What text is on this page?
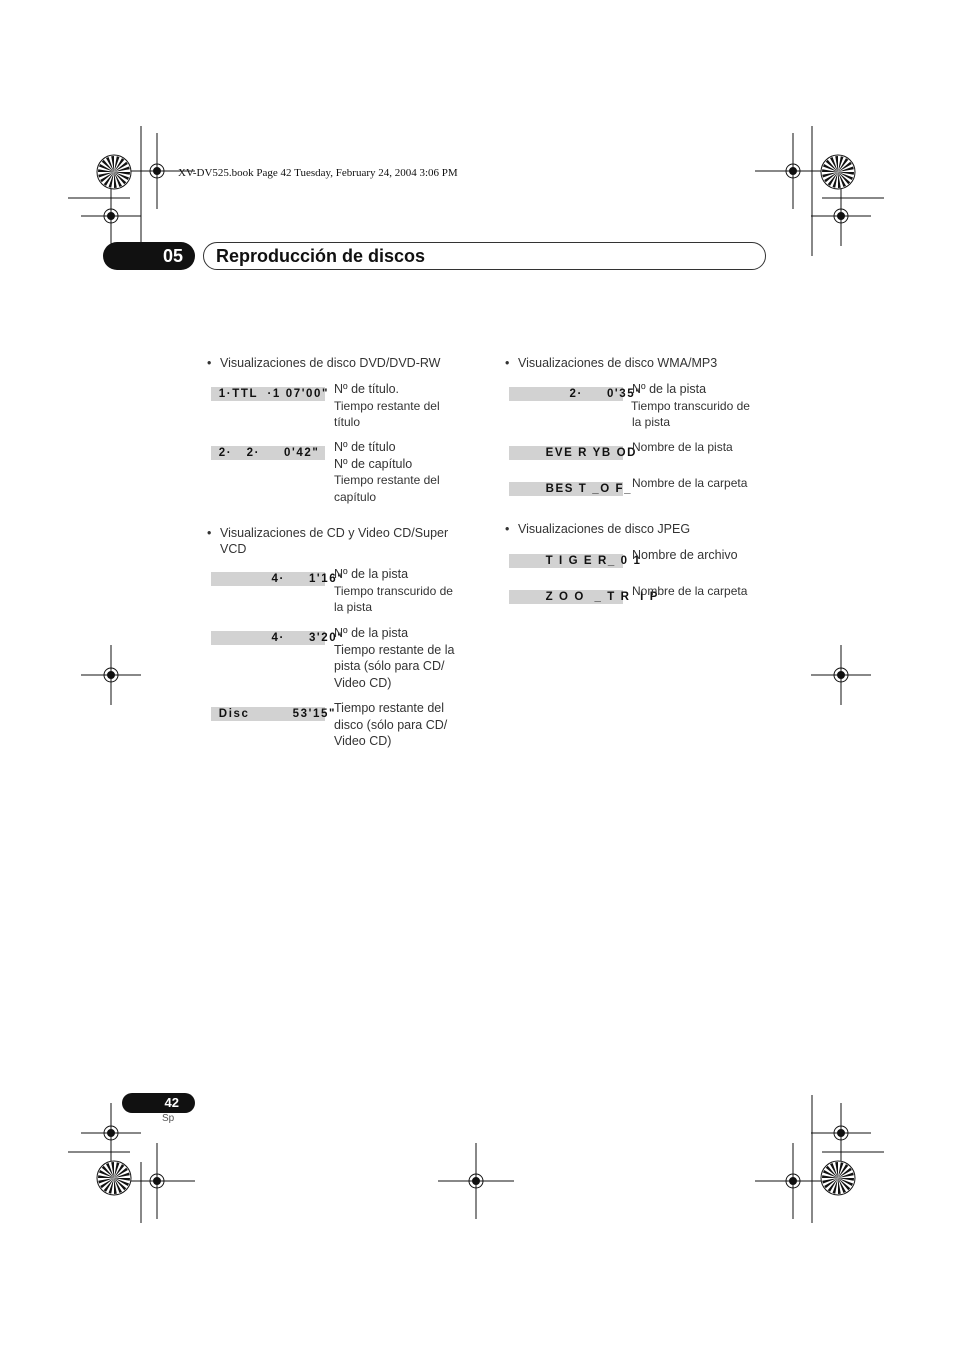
XV-DV525.book Page 42 Tuesday, February 24, 2004 3:06 PM
05	Reproducción de discos
• Visualizaciones de disco DVD/DVD-RW
1·TTL  ·1 07'00" Nº de título.
Tiempo restante del
título
2·   2·     0'42"	Nº de título
Nº de capítulo
Tiempo restante del
capítulo
• Visualizaciones de CD y Video CD/Super
VCD
4·     1'16"
Nº de la pista
Tiempo transcurido de
la pista
4·     3'20"
Nº de la pista
Tiempo restante de la
pista (sólo para CD/
Video CD)
Disc         53'15"
Tiempo restante del
disco (sólo para CD/
Video CD)
• Visualizaciones de disco WMA/MP3
2·     0'35"
Nº de la pista
Tiempo transcurido de
la pista
EVE R YB OD
Nombre de la pista
BES T _O F_ Nombre de la carpeta
• Visualizaciones de disco JPEG
T I G E R_ 0 1
Nombre de archivo
Z O O  _ T R  I P
Nombre de la carpeta
42
Sp
